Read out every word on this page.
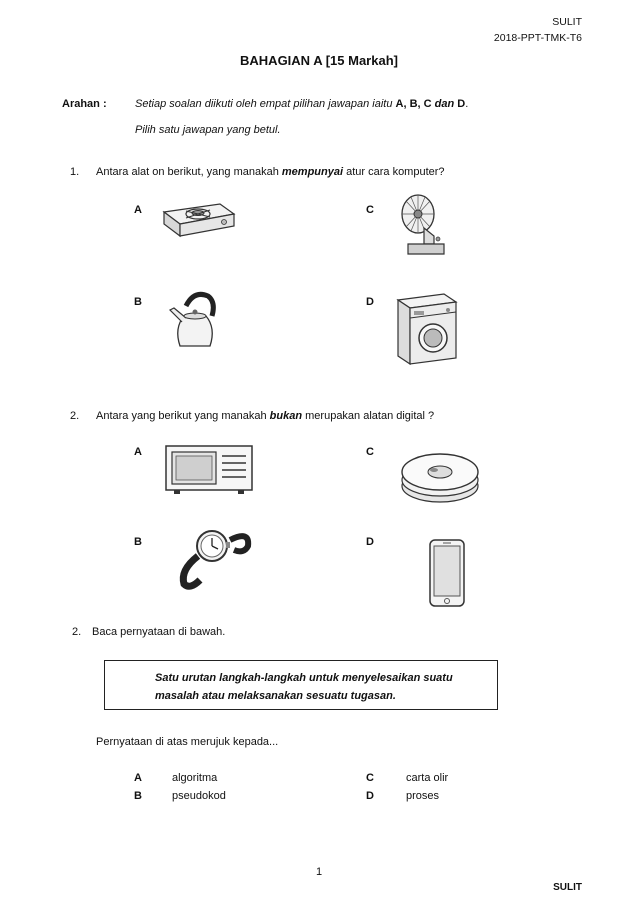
SULIT
2018-PPT-TMK-T6
BAHAGIAN A [15 Markah]
Arahan :	Setiap soalan diikuti oleh empat pilihan jawapan iaitu A, B, C dan D.
Pilih satu jawapan yang betul.
1. Antara alat on berikut, yang manakah mempunyai atur cara komputer?
A	C
B	D
2. Antara yang berikut yang manakah bukan merupakan alatan digital ?
A	C
B	D
2. Baca pernyataan di bawah.
Satu urutan langkah-langkah untuk menyelesaikan suatu
masalah atau melaksanakan sesuatu tugasan.
Pernyataan di atas merujuk kepada...
A	algoritma
B	pseudokod
C	carta olir
D	proses
1
SULIT
